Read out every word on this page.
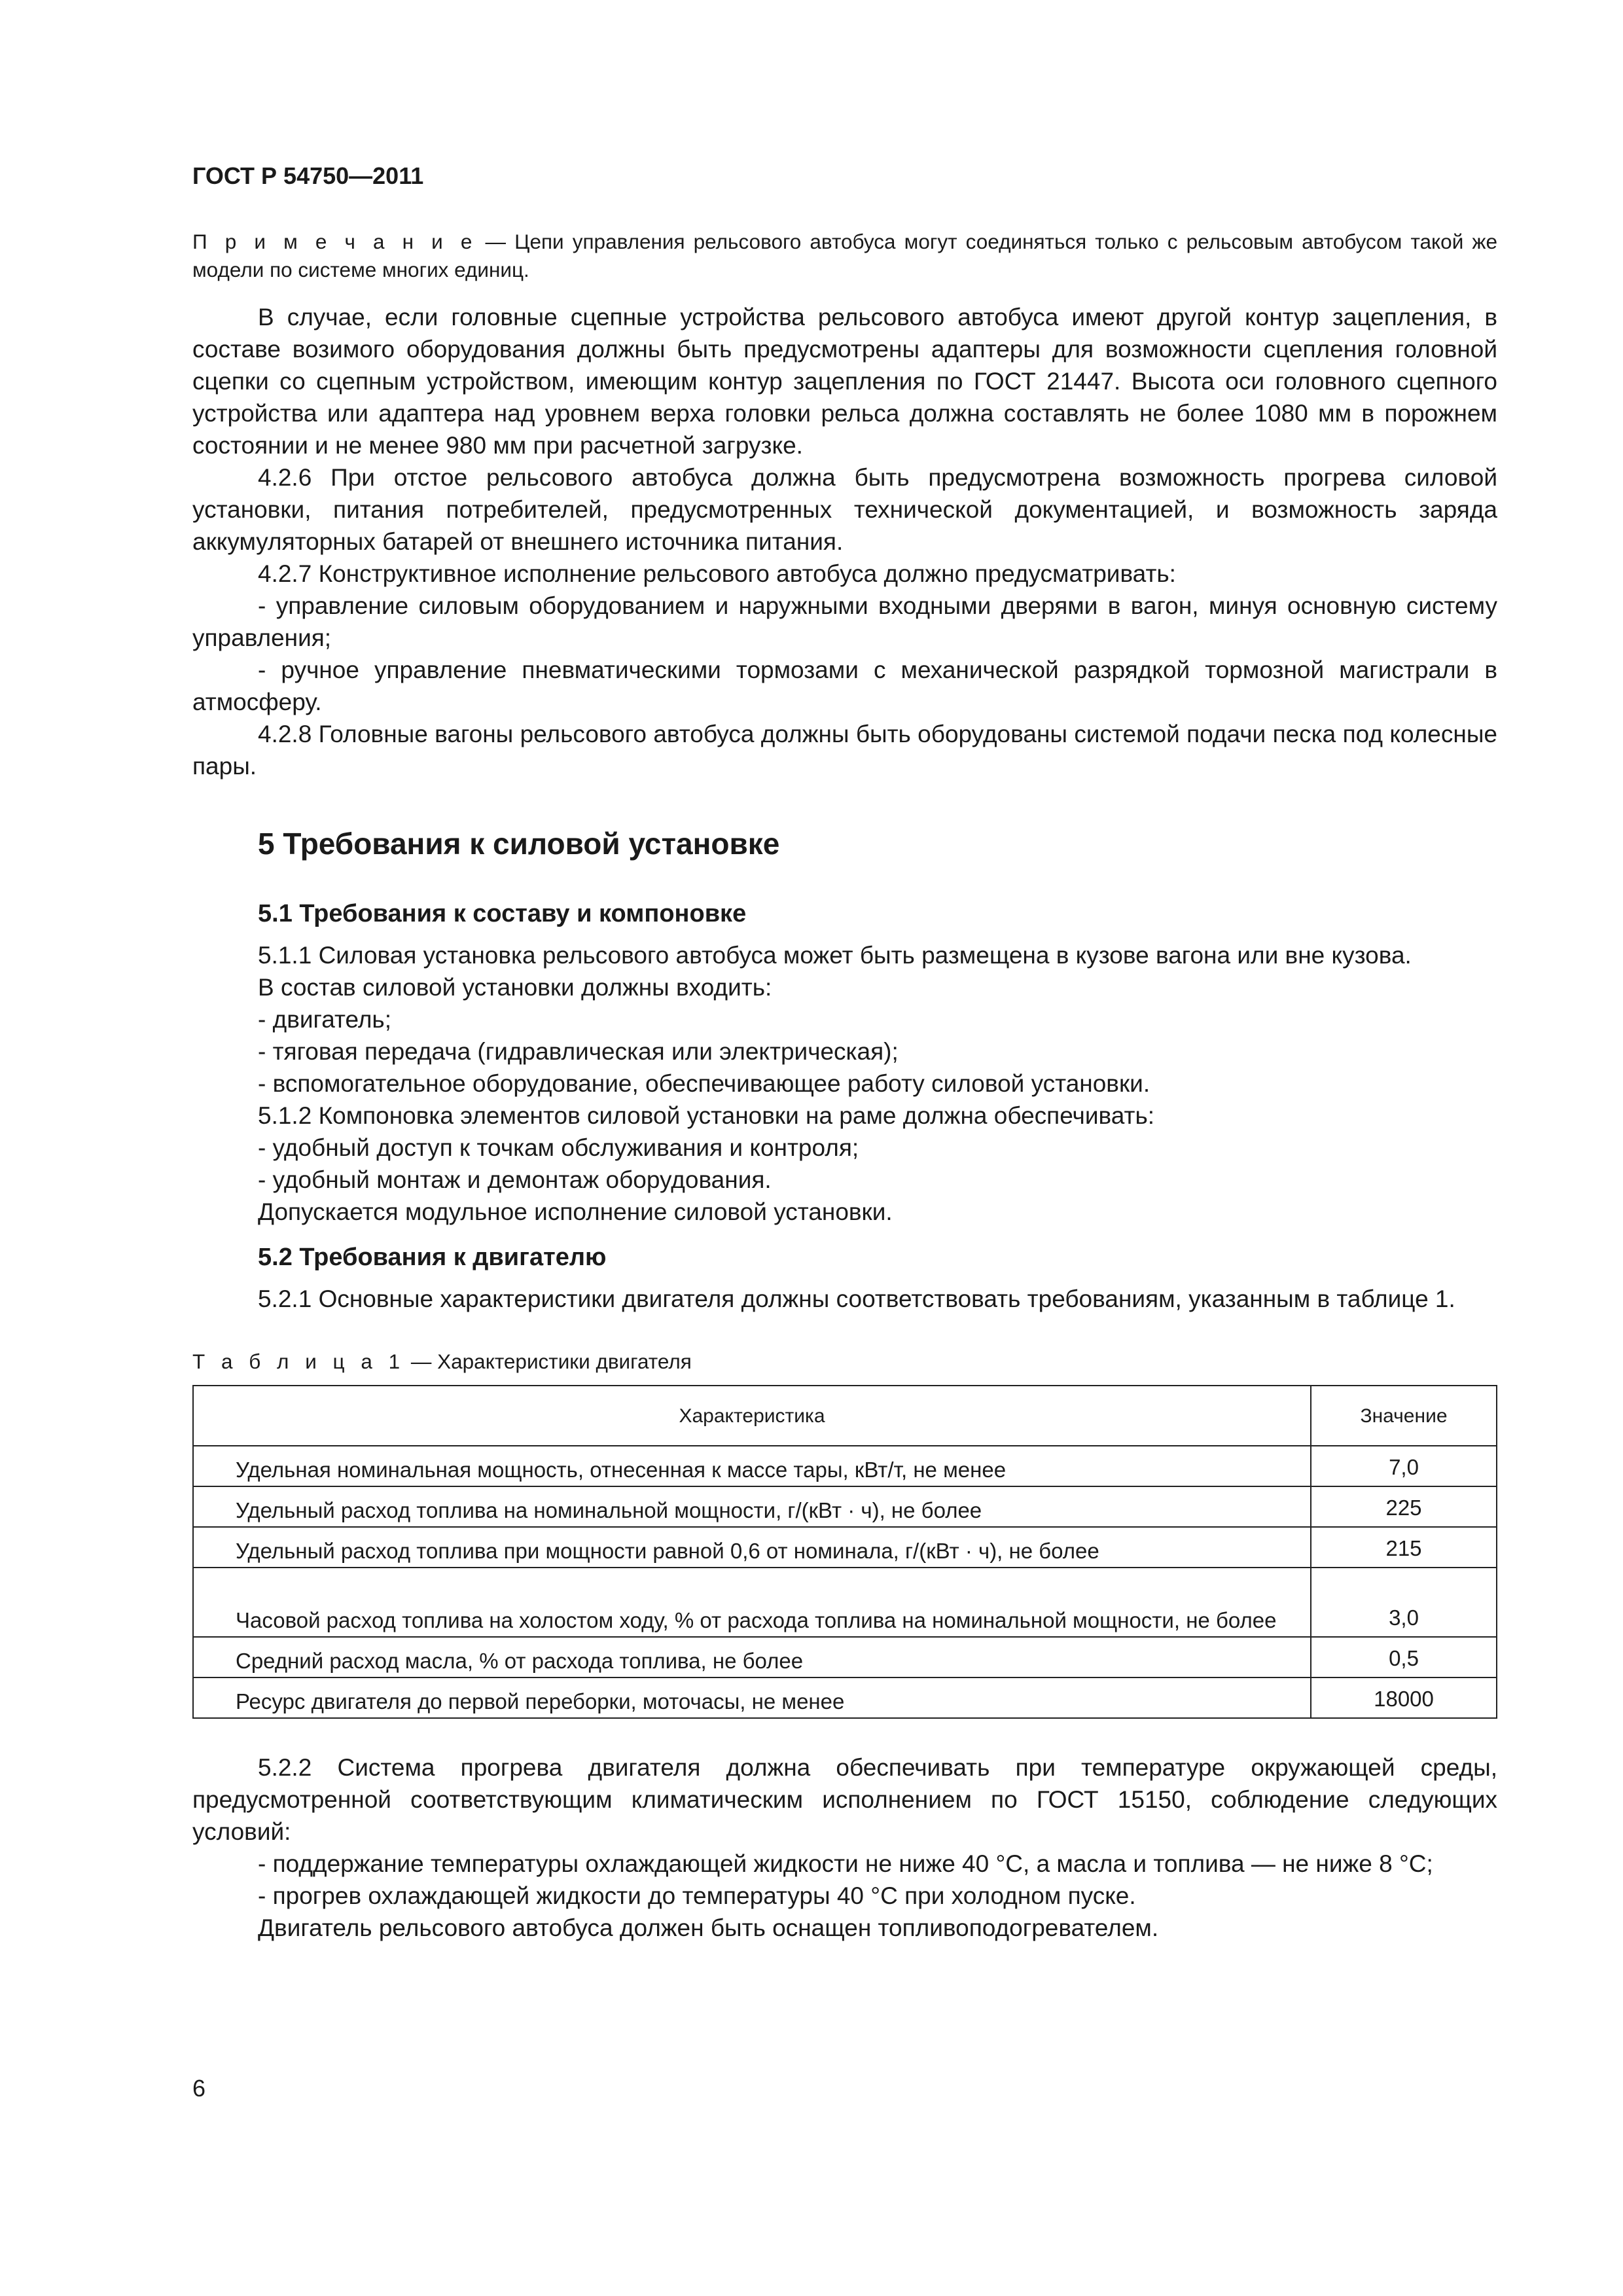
ГОСТ Р 54750—2011
П р и м е ч а н и е — Цепи управления рельсового автобуса могут соединяться только с рельсовым автобусом такой же модели по системе многих единиц.

В случае, если головные сцепные устройства рельсового автобуса имеют другой контур зацепления, в составе возимого оборудования должны быть предусмотрены адаптеры для возможности сцепления головной сцепки со сцепным устройством, имеющим контур зацепления по ГОСТ 21447. Высота оси головного сцепного устройства или адаптера над уровнем верха головки рельса должна составлять не более 1080 мм в порожнем состоянии и не менее 980 мм при расчетной загрузке.

4.2.6 При отстое рельсового автобуса должна быть предусмотрена возможность прогрева силовой установки, питания потребителей, предусмотренных технической документацией, и возможность заряда аккумуляторных батарей от внешнего источника питания.

4.2.7 Конструктивное исполнение рельсового автобуса должно предусматривать:

- управление силовым оборудованием и наружными входными дверями в вагон, минуя основную систему управления;

- ручное управление пневматическими тормозами с механической разрядкой тормозной магистрали в атмосферу.

4.2.8 Головные вагоны рельсового автобуса должны быть оборудованы системой подачи песка под колесные пары.

5 Требования к силовой установке
5.1 Требования к составу и компоновке

5.1.1 Силовая установка рельсового автобуса может быть размещена в кузове вагона или вне кузова.

В состав силовой установки должны входить:

- двигатель;

- тяговая передача (гидравлическая или электрическая);

- вспомогательное оборудование, обеспечивающее работу силовой установки.

5.1.2 Компоновка элементов силовой установки на раме должна обеспечивать:

- удобный доступ к точкам обслуживания и контроля;

- удобный монтаж и демонтаж оборудования.

Допускается модульное исполнение силовой установки.

5.2 Требования к двигателю

5.2.1 Основные характеристики двигателя должны соответствовать требованиям, указанным в таблице 1.

Т а б л и ц а 1 — Характеристики двигателя
Характеристика	Значение
Удельная номинальная мощность, отнесенная к массе тары, кВт/т, не менее	7,0
Удельный расход топлива на номинальной мощности, г/(кВт · ч), не более	225
Удельный расход топлива при мощности равной 0,6 от номинала, г/(кВт · ч), не более	215
Часовой расход топлива на холостом ходу, % от расхода топлива на номинальной мощности, не более	3,0
Средний расход масла, % от расхода топлива, не более	0,5
Ресурс двигателя до первой переборки, моточасы, не менее	18000

5.2.2 Система прогрева двигателя должна обеспечивать при температуре окружающей среды, предусмотренной соответствующим климатическим исполнением по ГОСТ 15150, соблюдение следующих условий:

- поддержание температуры охлаждающей жидкости не ниже 40 °С, а масла и топлива — не ниже 8 °С;

- прогрев охлаждающей жидкости до температуры 40 °С при холодном пуске.

Двигатель рельсового автобуса должен быть оснащен топливоподогревателем.

6
